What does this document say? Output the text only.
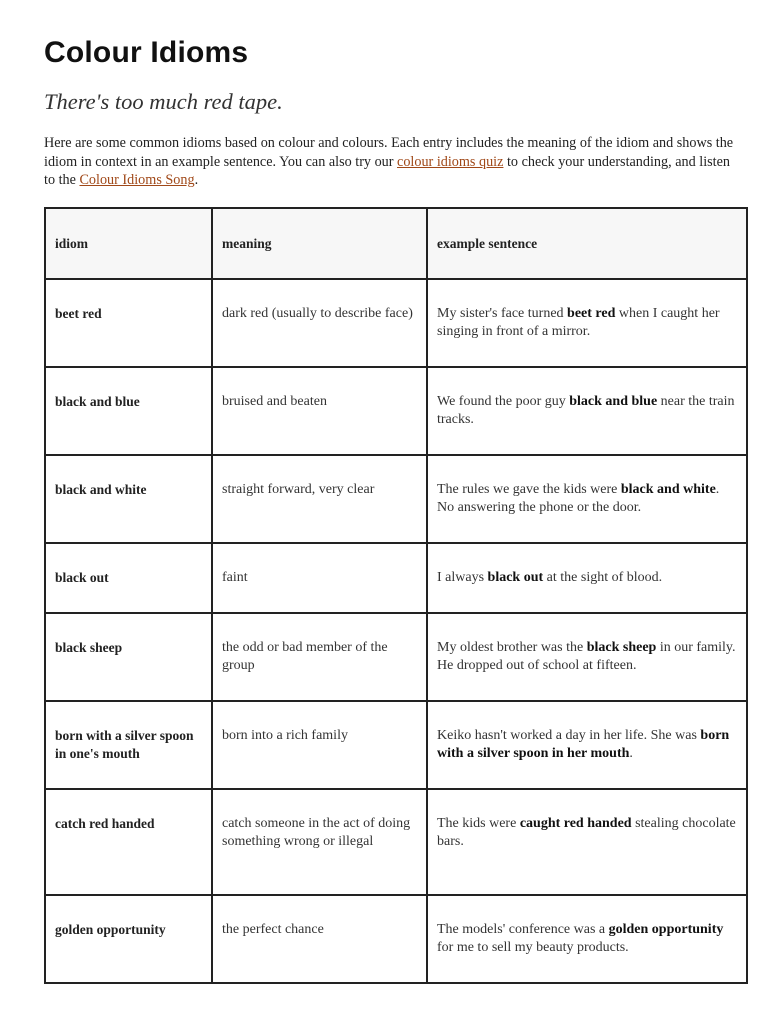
Colour Idioms

There's too much red tape.

Here are some common idioms based on colour and colours. Each entry includes the meaning of the idiom and shows the idiom in context in an example sentence. You can also try our colour idioms quiz to check your understanding, and listen to the Colour Idioms Song.

idiom	meaning	example sentence
beet red	dark red (usually to describe face)	My sister's face turned beet red when I caught her singing in front of a mirror.
black and blue	bruised and beaten	We found the poor guy black and blue near the train tracks.
black and white	straight forward, very clear	The rules we gave the kids were black and white. No answering the phone or the door.
black out	faint	I always black out at the sight of blood.
black sheep	the odd or bad member of the group	My oldest brother was the black sheep in our family. He dropped out of school at fifteen.
born with a silver spoon in one's mouth	born into a rich family	Keiko hasn't worked a day in her life. She was born with a silver spoon in her mouth.
catch red handed	catch someone in the act of doing something wrong or illegal	The kids were caught red handed stealing chocolate bars.
golden opportunity	the perfect chance	The models' conference was a golden opportunity for me to sell my beauty products.
